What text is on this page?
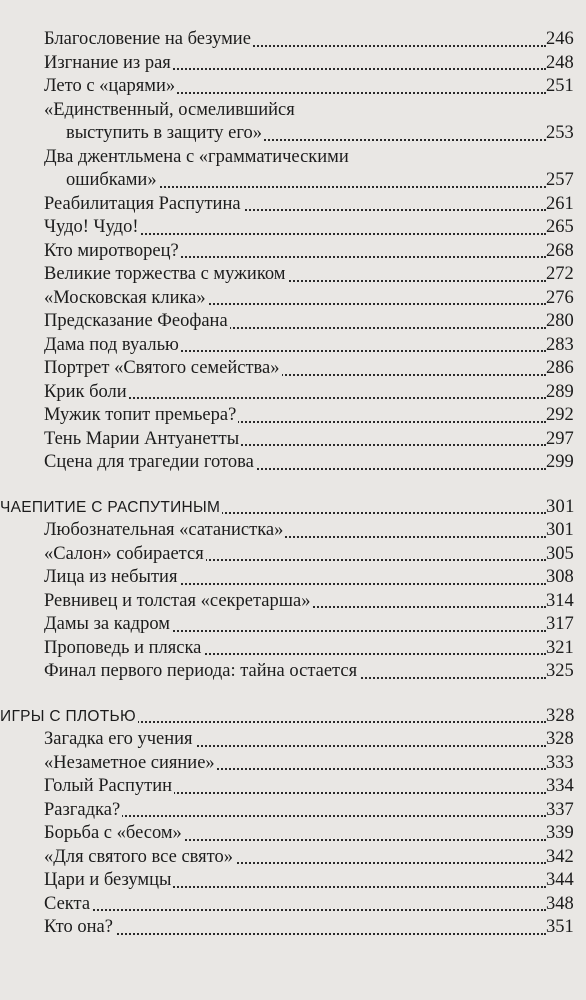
Благословение на безумие	246
Изгнание из рая	248
Лето с «царями»	251
«Единственный, осмелившийся
выступить в защиту его»	253
Два джентльмена с «грамматическими
ошибками»	257
Реабилитация Распутина	261
Чудо! Чудо!	265
Кто миротворец?	268
Великие торжества с мужиком	272
«Московская клика»	276
Предсказание Феофана	280
Дама под вуалью	283
Портрет «Святого семейства»	286
Крик боли	289
Мужик топит премьера?	292
Тень Марии Антуанетты	297
Сцена для трагедии готова	299
ЧАЕПИТИЕ С РАСПУТИНЫМ	301
Любознательная «сатанистка»	301
«Салон» собирается	305
Лица из небытия	308
Ревнивец и толстая «секретарша»	314
Дамы за кадром	317
Проповедь и пляска	321
Финал первого периода: тайна остается	325
ИГРЫ С ПЛОТЬЮ	328
Загадка его учения	328
«Незаметное сияние»	333
Голый Распутин	334
Разгадка?	337
Борьба с «бесом»	339
«Для святого все свято»	342
Цари и безумцы	344
Секта	348
Кто она?	351
